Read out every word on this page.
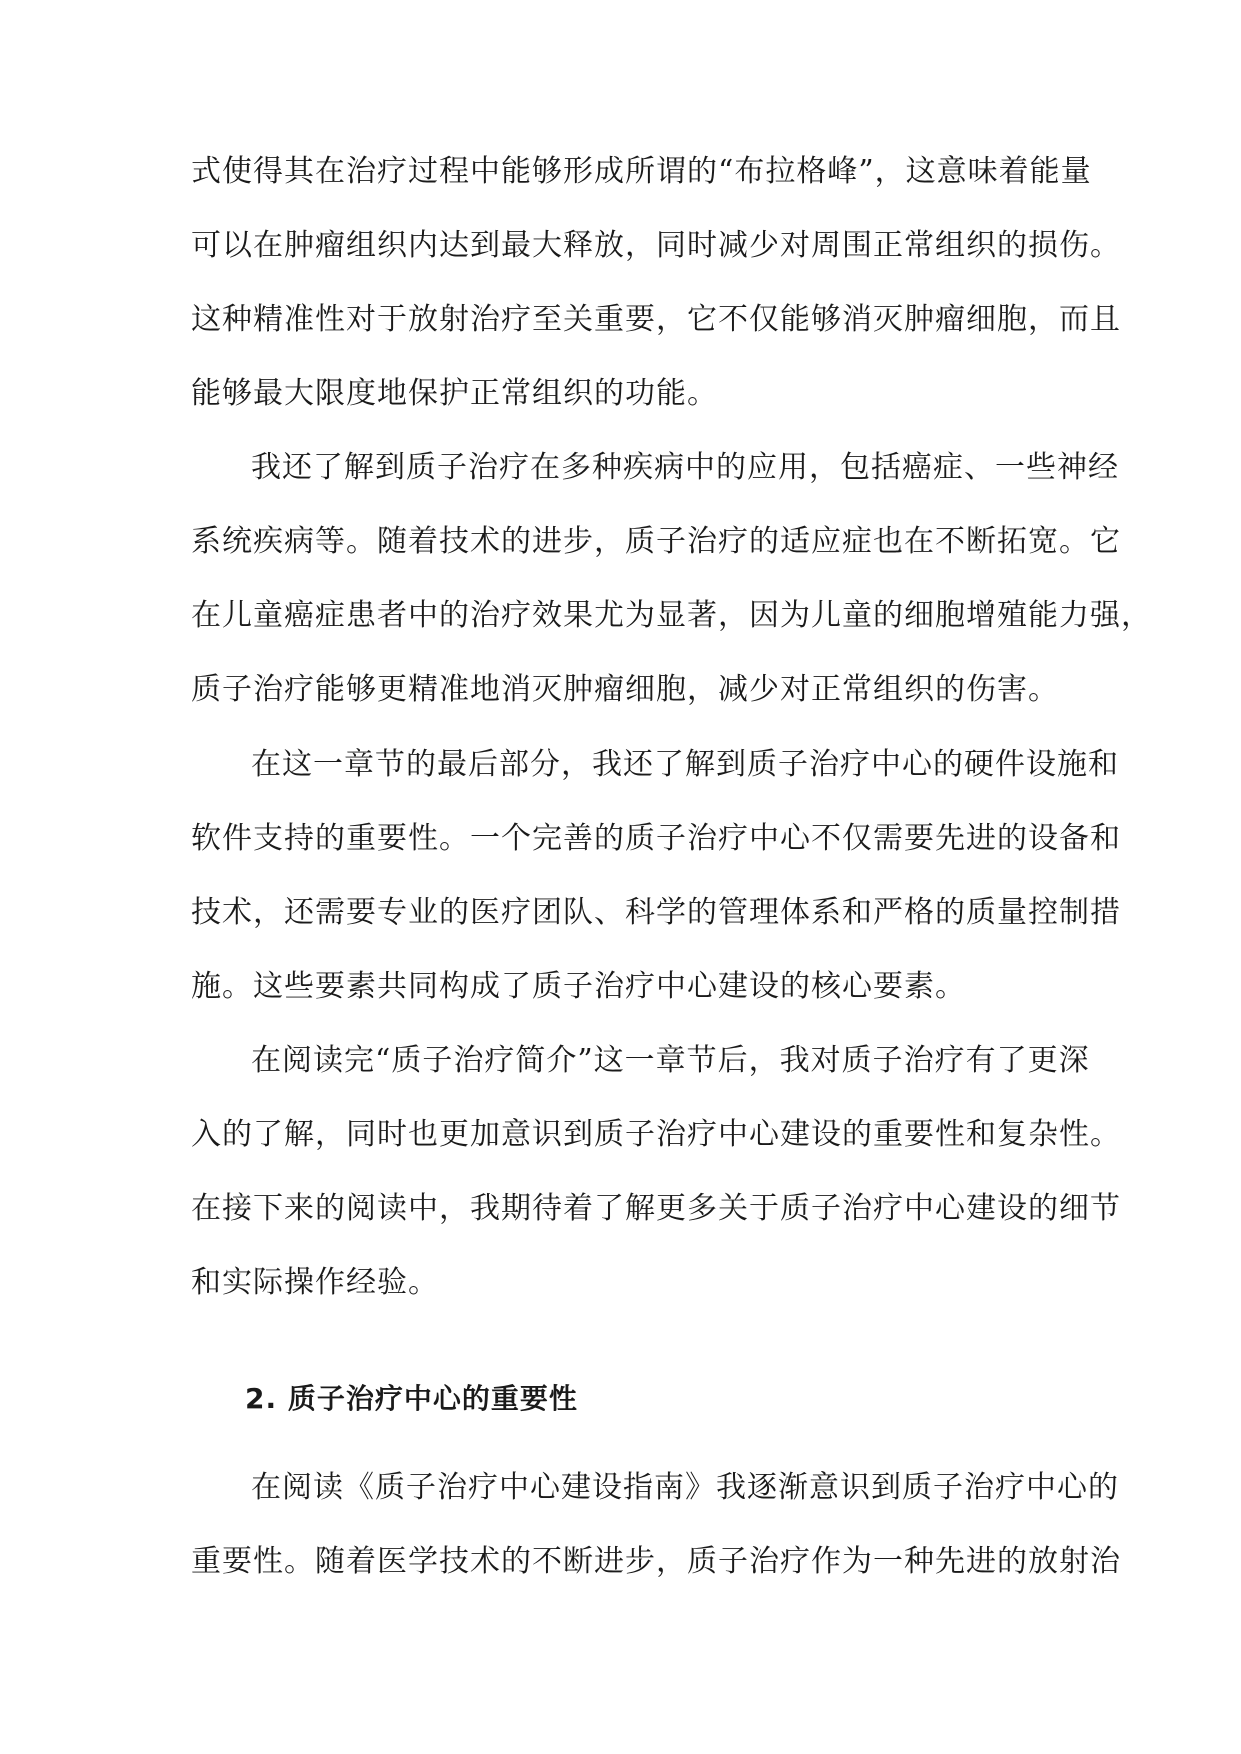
式使得其在治疗过程中能够形成所谓的“布拉格峰”，这意味着能量
可以在肿瘤组织内达到最大释放，同时减少对周围正常组织的损伤。
这种精准性对于放射治疗至关重要，它不仅能够消灭肿瘤细胞，而且
能够最大限度地保护正常组织的功能。
我还了解到质子治疗在多种疾病中的应用，包括癌症、一些神经
系统疾病等。随着技术的进步，质子治疗的适应症也在不断拓宽。它
在儿童癌症患者中的治疗效果尤为显著，因为儿童的细胞增殖能力强，
质子治疗能够更精准地消灭肿瘤细胞，减少对正常组织的伤害。
在这一章节的最后部分，我还了解到质子治疗中心的硬件设施和
软件支持的重要性。一个完善的质子治疗中心不仅需要先进的设备和
技术，还需要专业的医疗团队、科学的管理体系和严格的质量控制措
施。这些要素共同构成了质子治疗中心建设的核心要素。
在阅读完“质子治疗简介”这一章节后，我对质子治疗有了更深
入的了解，同时也更加意识到质子治疗中心建设的重要性和复杂性。
在接下来的阅读中，我期待着了解更多关于质子治疗中心建设的细节
和实际操作经验。
2. 质子治疗中心的重要性
在阅读《质子治疗中心建设指南》我逐渐意识到质子治疗中心的
重要性。随着医学技术的不断进步，质子治疗作为一种先进的放射治
